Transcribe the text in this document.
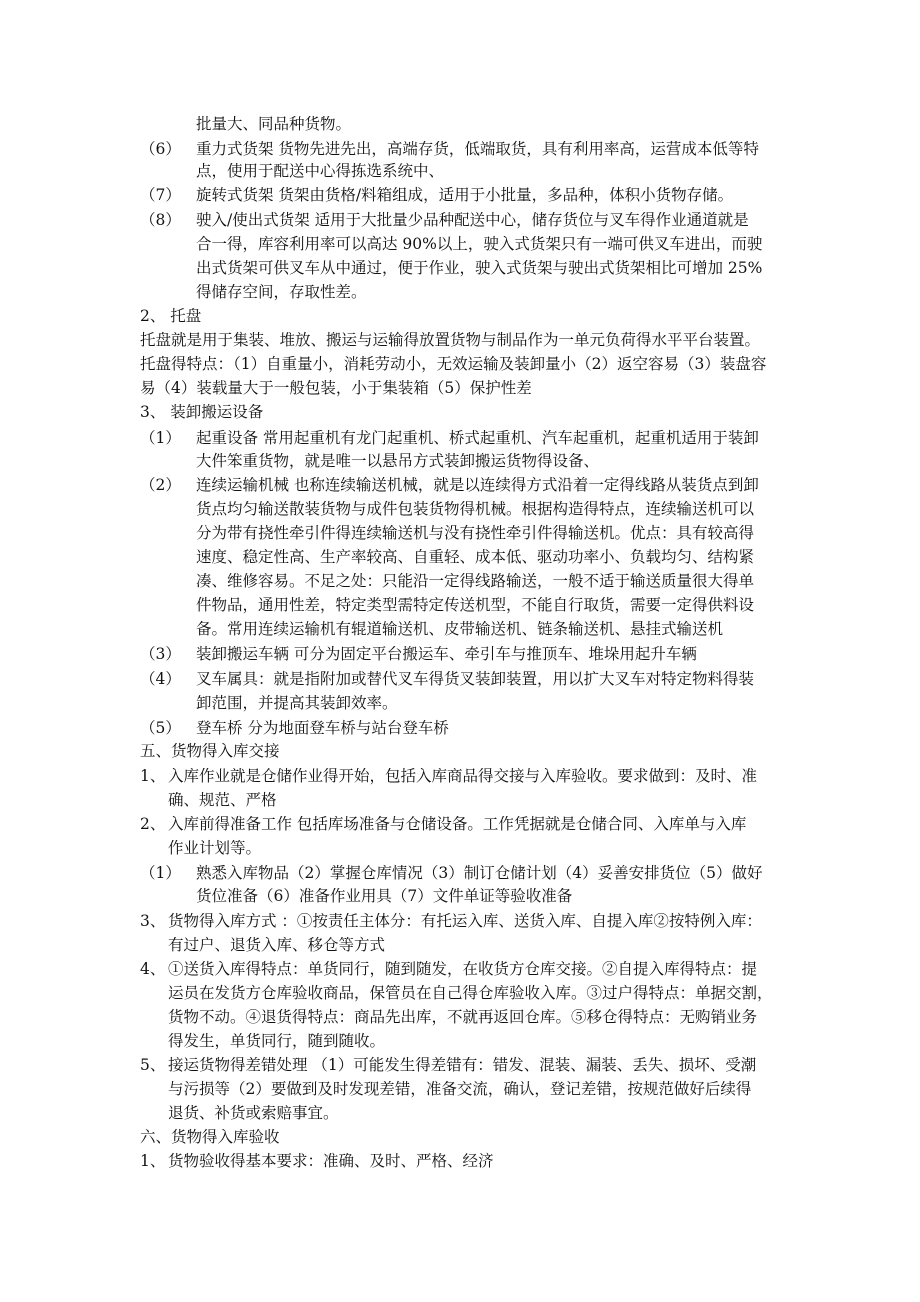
批量大、同品种货物。
（6） 重力式货架 货物先进先出，高端存货，低端取货，具有利用率高，运营成本低等特
点，使用于配送中心得拣选系统中、
（7） 旋转式货架 货架由货格/料箱组成，适用于小批量，多品种，体积小货物存储。
（8） 驶入/使出式货架 适用于大批量少品种配送中心，储存货位与叉车得作业通道就是
合一得，库容利用率可以高达 90%以上，驶入式货架只有一端可供叉车进出，而驶
出式货架可供叉车从中通过，便于作业，驶入式货架与驶出式货架相比可增加 25%
得储存空间，存取性差。
2、 托盘
托盘就是用于集装、堆放、搬运与运输得放置货物与制品作为一单元负荷得水平平台装置。
托盘得特点：（1）自重量小，消耗劳动小，无效运输及装卸量小（2）返空容易（3）装盘容
易（4）装载量大于一般包装，小于集装箱（5）保护性差
3、 装卸搬运设备
（1） 起重设备 常用起重机有龙门起重机、桥式起重机、汽车起重机，起重机适用于装卸
大件笨重货物，就是唯一以悬吊方式装卸搬运货物得设备、
（2） 连续运输机械 也称连续输送机械，就是以连续得方式沿着一定得线路从装货点到卸
货点均匀输送散装货物与成件包装货物得机械。根据构造得特点，连续输送机可以
分为带有挠性牵引件得连续输送机与没有挠性牵引件得输送机。优点：具有较高得
速度、稳定性高、生产率较高、自重轻、成本低、驱动功率小、负载均匀、结构紧
凑、维修容易。不足之处：只能沿一定得线路输送，一般不适于输送质量很大得单
件物品，通用性差，特定类型需特定传送机型，不能自行取货，需要一定得供料设
备。常用连续运输机有辊道输送机、皮带输送机、链条输送机、悬挂式输送机
（3） 装卸搬运车辆 可分为固定平台搬运车、牵引车与推顶车、堆垛用起升车辆
（4） 叉车属具：就是指附加或替代叉车得货叉装卸装置，用以扩大叉车对特定物料得装
卸范围，并提高其装卸效率。
（5） 登车桥 分为地面登车桥与站台登车桥
五、货物得入库交接
1、 入库作业就是仓储作业得开始，包括入库商品得交接与入库验收。要求做到：及时、准
确、规范、严格
2、 入库前得准备工作 包括库场准备与仓储设备。工作凭据就是仓储合同、入库单与入库
作业计划等。
（1） 熟悉入库物品（2）掌握仓库情况（3）制订仓储计划（4）妥善安排货位（5）做好
货位准备（6）准备作业用具（7）文件单证等验收准备
3、 货物得入库方式 ：①按责任主体分：有托运入库、送货入库、自提入库②按特例入库：
有过户、退货入库、移仓等方式
4、 ①送货入库得特点：单货同行，随到随发，在收货方仓库交接。②自提入库得特点：提
运员在发货方仓库验收商品，保管员在自己得仓库验收入库。③过户得特点：单据交割，
货物不动。④退货得特点：商品先出库，不就再返回仓库。⑤移仓得特点：无购销业务
得发生，单货同行，随到随收。
5、 接运货物得差错处理 （1）可能发生得差错有：错发、混装、漏装、丢失、损坏、受潮
与污损等（2）要做到及时发现差错，准备交流，确认，登记差错，按规范做好后续得
退货、补货或索赔事宜。
六、货物得入库验收
1、 货物验收得基本要求：准确、及时、严格、经济
